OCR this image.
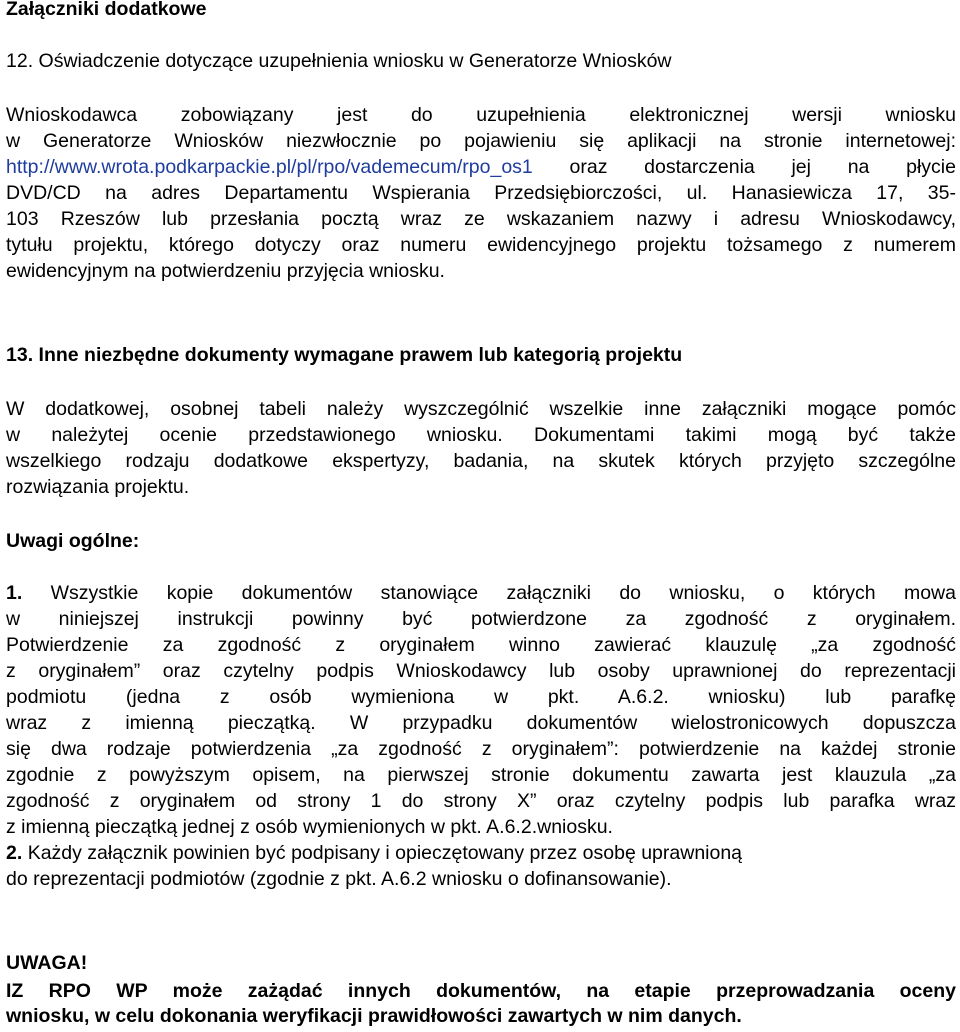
Załączniki dodatkowe
12. Oświadczenie dotyczące uzupełnienia wniosku w Generatorze Wniosków
Wnioskodawca zobowiązany jest do uzupełnienia elektronicznej wersji wniosku
w Generatorze Wniosków niezwłocznie po pojawieniu się aplikacji na stronie internetowej:
http://www.wrota.podkarpackie.pl/pl/rpo/vademecum/rpo_os1 oraz dostarczenia jej na płycie
DVD/CD na adres Departamentu Wspierania Przedsiębiorczości, ul. Hanasiewicza 17, 35-
103 Rzeszów lub przesłania pocztą wraz ze wskazaniem nazwy i adresu Wnioskodawcy,
tytułu projektu, którego dotyczy oraz numeru ewidencyjnego projektu tożsamego z numerem
ewidencyjnym na potwierdzeniu przyjęcia wniosku.
13. Inne niezbędne dokumenty wymagane prawem lub kategorią projektu
W dodatkowej, osobnej tabeli należy wyszczególnić wszelkie inne załączniki mogące pomóc
w należytej ocenie przedstawionego wniosku. Dokumentami takimi mogą być także
wszelkiego rodzaju dodatkowe ekspertyzy, badania, na skutek których przyjęto szczególne
rozwiązania projektu.
Uwagi ogólne:
1. Wszystkie kopie dokumentów stanowiące załączniki do wniosku, o których mowa
w niniejszej instrukcji powinny być potwierdzone za zgodność z oryginałem.
Potwierdzenie za zgodność z oryginałem winno zawierać klauzulę „za zgodność
z oryginałem” oraz czytelny podpis Wnioskodawcy lub osoby uprawnionej do reprezentacji
podmiotu (jedna z osób wymieniona w pkt. A.6.2. wniosku) lub parafkę
wraz z imienną pieczątką. W przypadku dokumentów wielostronicowych dopuszcza
się dwa rodzaje potwierdzenia „za zgodność z oryginałem”: potwierdzenie na każdej stronie
zgodnie z powyższym opisem, na pierwszej stronie dokumentu zawarta jest klauzula „za
zgodność z oryginałem od strony 1 do strony X” oraz czytelny podpis lub parafka wraz
z imienną pieczątką jednej z osób wymienionych w pkt. A.6.2.wniosku.
2. Każdy załącznik powinien być podpisany i opieczętowany przez osobę uprawnioną
do reprezentacji podmiotów (zgodnie z pkt. A.6.2 wniosku o dofinansowanie).
UWAGA!
IZ RPO WP może zażądać innych dokumentów, na etapie przeprowadzania oceny
wniosku, w celu dokonania weryfikacji prawidłowości zawartych w nim danych.
